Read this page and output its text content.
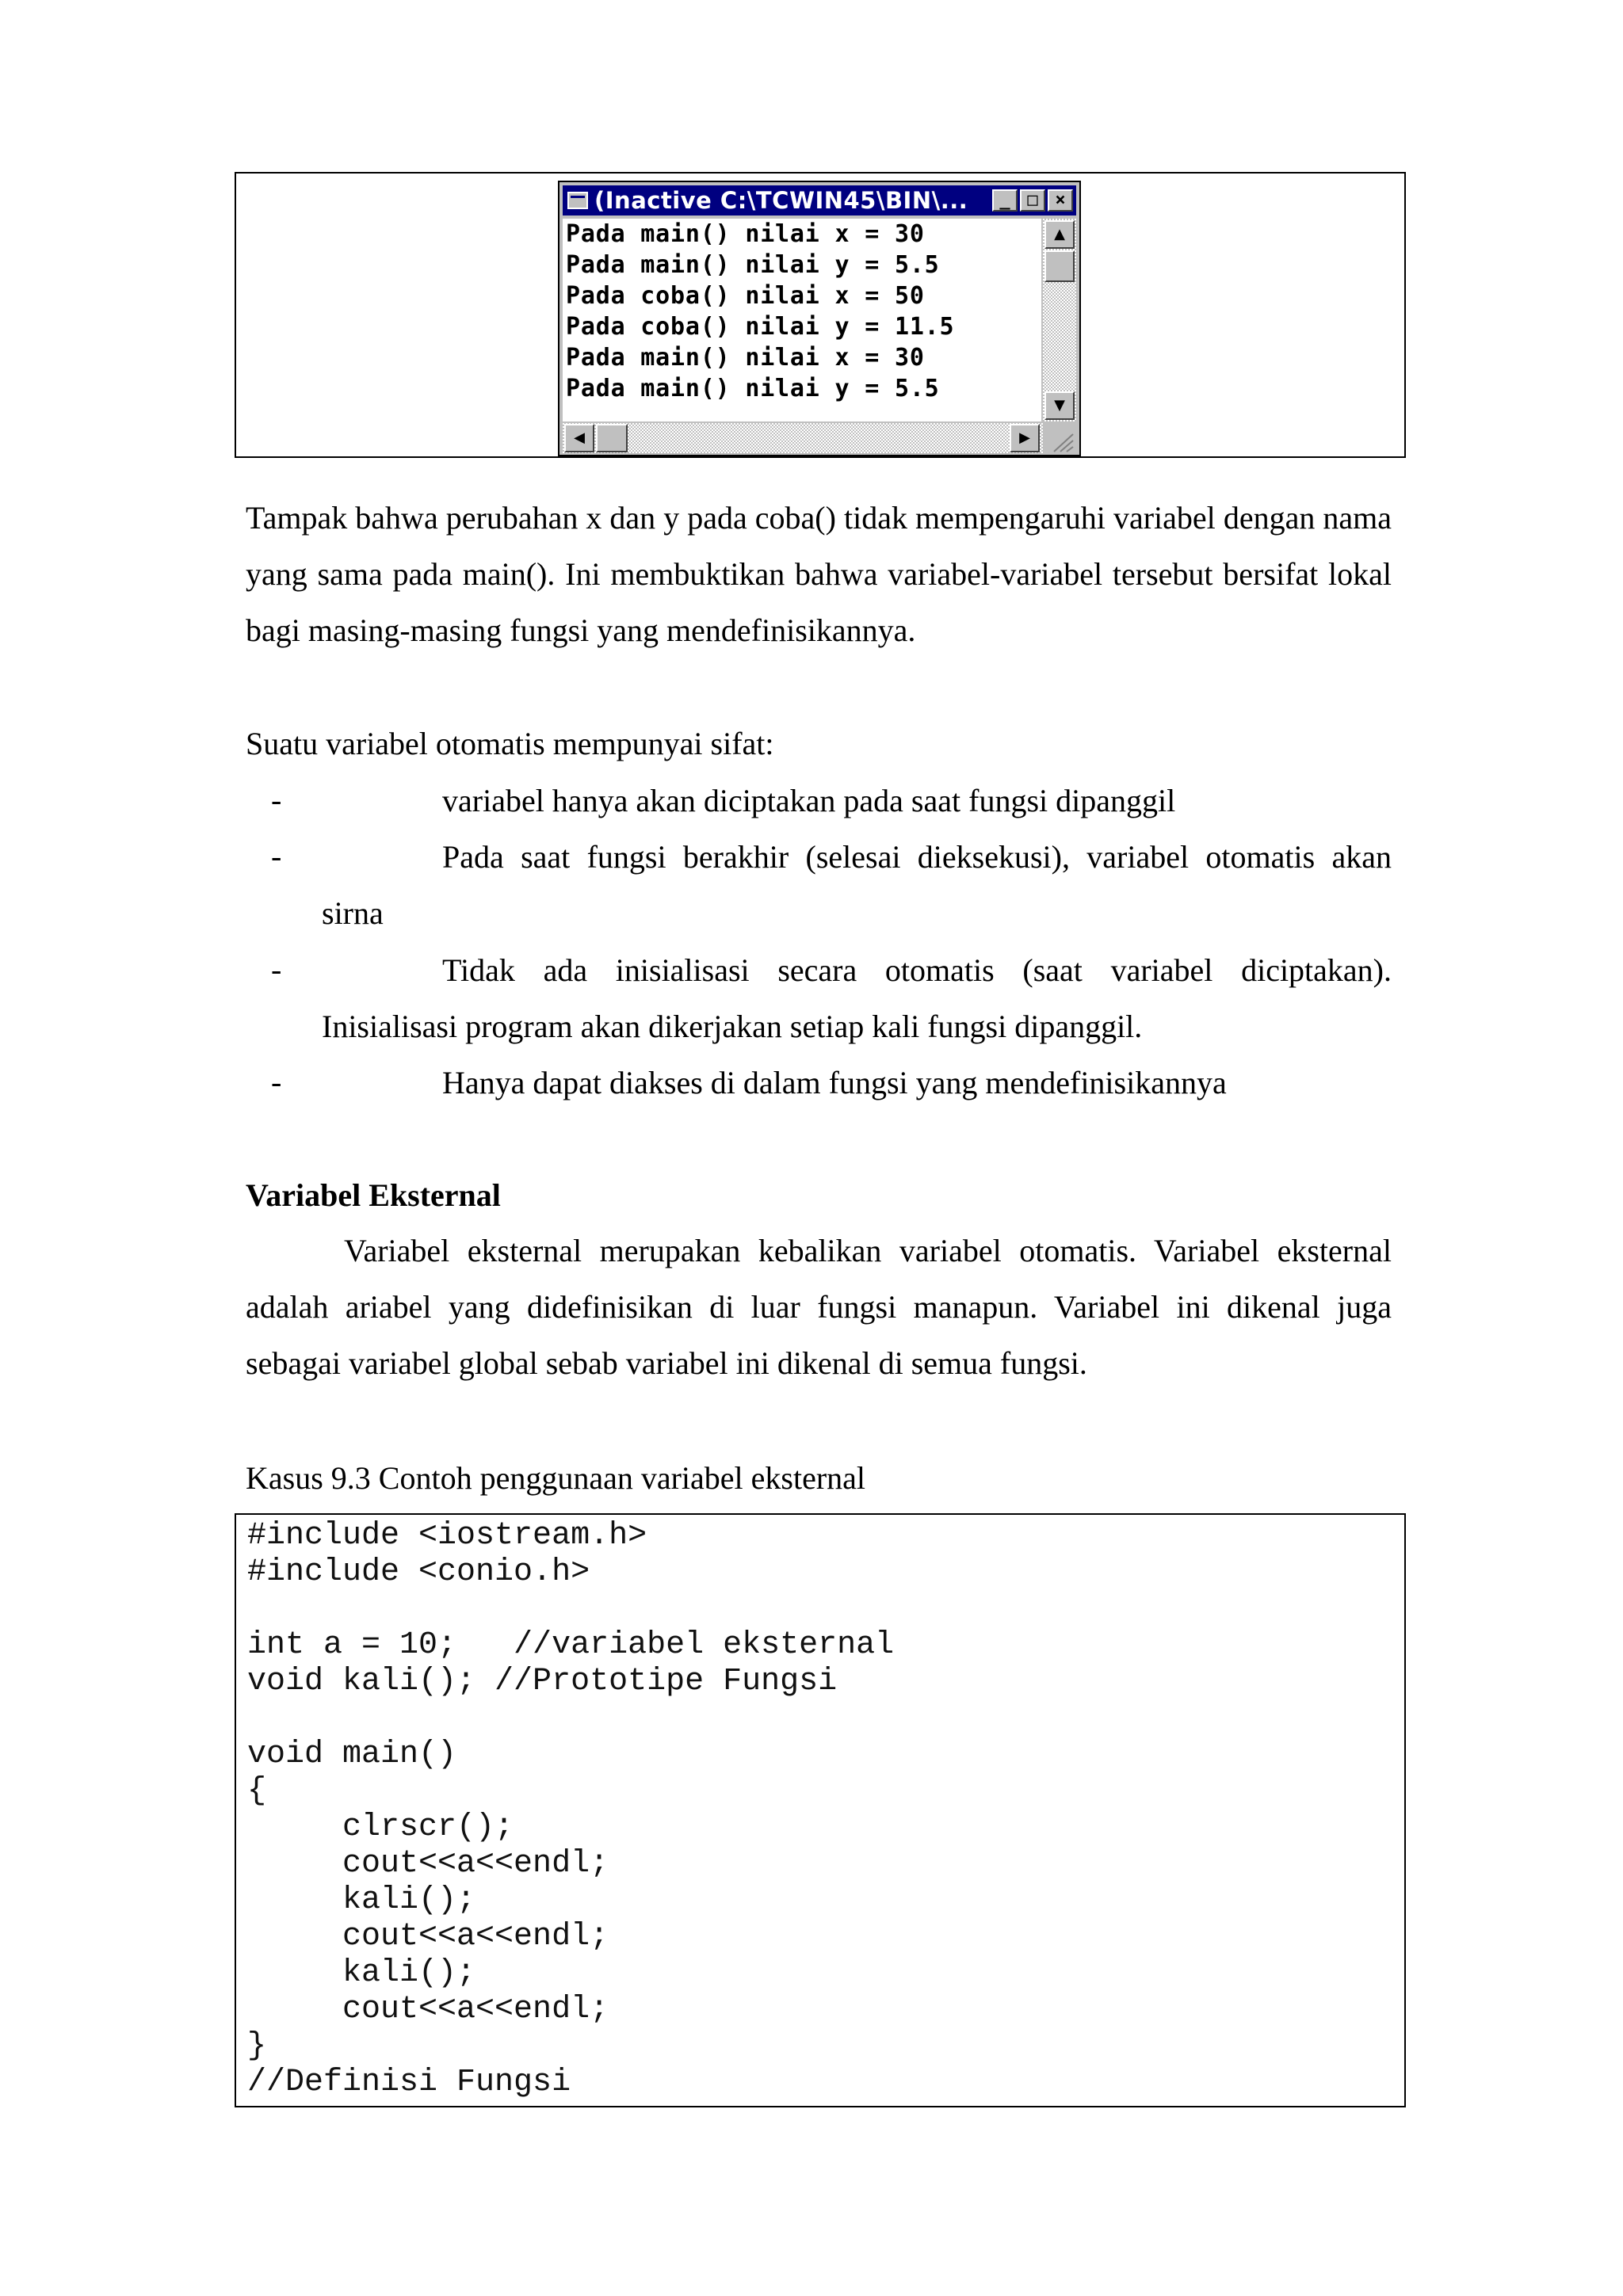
(Inactive C:\TCWIN45\BIN\...	_ □ ×
Pada main() nilai x = 30
Pada main() nilai y = 5.5
Pada coba() nilai x = 50
Pada coba() nilai y = 11.5
Pada main() nilai x = 30
Pada main() nilai y = 5.5
▲
▼
◀	▶
Tampak bahwa perubahan x dan y pada coba() tidak mempengaruhi variabel dengan nama yang sama pada main(). Ini membuktikan bahwa variabel-variabel tersebut bersifat lokal bagi masing-masing fungsi yang mendefinisikannya.
Suatu variabel otomatis mempunyai sifat:
-	variabel hanya akan diciptakan pada saat fungsi dipanggil
-	Pada saat fungsi berakhir (selesai dieksekusi), variabel otomatis akan
sirna
-	Tidak ada inisialisasi secara otomatis (saat variabel diciptakan).
Inisialisasi program akan dikerjakan setiap kali fungsi dipanggil.
-	Hanya dapat diakses di dalam fungsi yang mendefinisikannya
Variabel Eksternal
Variabel eksternal merupakan kebalikan variabel otomatis. Variabel eksternal adalah ariabel yang didefinisikan di luar fungsi manapun. Variabel ini dikenal juga sebagai variabel global sebab variabel ini dikenal di semua fungsi.
Kasus 9.3 Contoh penggunaan variabel eksternal
#include <iostream.h>
#include <conio.h>
int a = 10;   //variabel eksternal
void kali(); //Prototipe Fungsi
void main()
{
clrscr();
cout<<a<<endl;
kali();
cout<<a<<endl;
kali();
cout<<a<<endl;
}
//Definisi Fungsi
